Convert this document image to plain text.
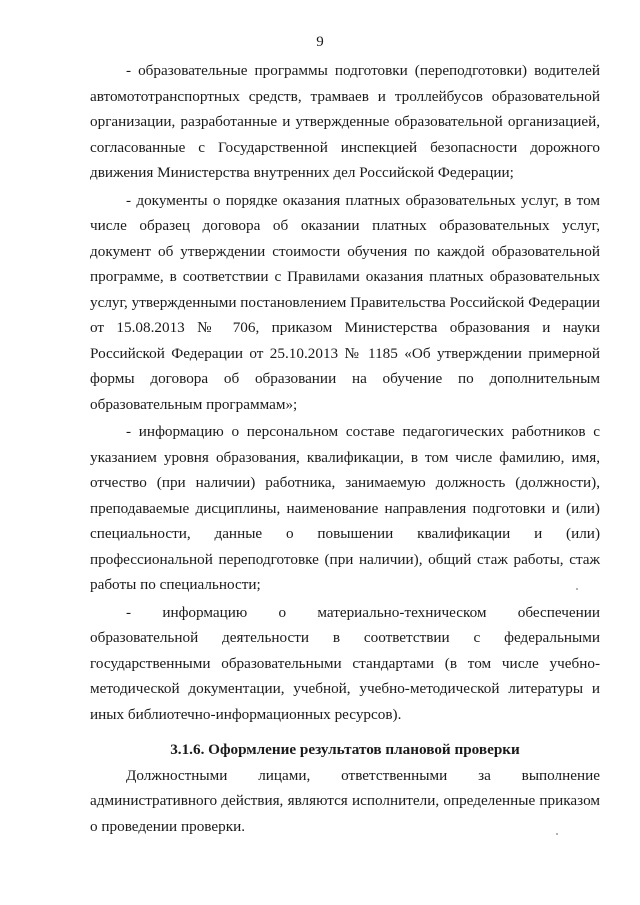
9

- образовательные программы подготовки (переподготовки) водителей автомототранспортных средств, трамваев и троллейбусов образовательной организации, разработанные и утвержденные образовательной организацией, согласованные с Государственной инспекцией безопасности дорожного движения Министерства внутренних дел Российской Федерации;

- документы о порядке оказания платных образовательных услуг, в том числе образец договора об оказании платных образовательных услуг, документ об утверждении стоимости обучения по каждой образовательной программе, в соответствии с Правилами оказания платных образовательных услуг, утвержденными постановлением Правительства Российской Федерации от 15.08.2013 № 706, приказом Министерства образования и науки Российской Федерации от 25.10.2013 № 1185 «Об утверждении примерной формы договора об образовании на обучение по дополнительным образовательным программам»;

- информацию о персональном составе педагогических работников с указанием уровня образования, квалификации, в том числе фамилию, имя, отчество (при наличии) работника, занимаемую должность (должности), преподаваемые дисциплины, наименование направления подготовки и (или) специальности, данные о повышении квалификации и (или) профессиональной переподготовке (при наличии), общий стаж работы, стаж работы по специальности;

- информацию о материально-техническом обеспечении образовательной деятельности в соответствии с федеральными государственными образовательными стандартами (в том числе учебно-методической документации, учебной, учебно-методической литературы и иных библиотечно-информационных ресурсов).

3.1.6. Оформление результатов плановой проверки

Должностными лицами, ответственными за выполнение административного действия, являются исполнители, определенные приказом о проведении проверки.
